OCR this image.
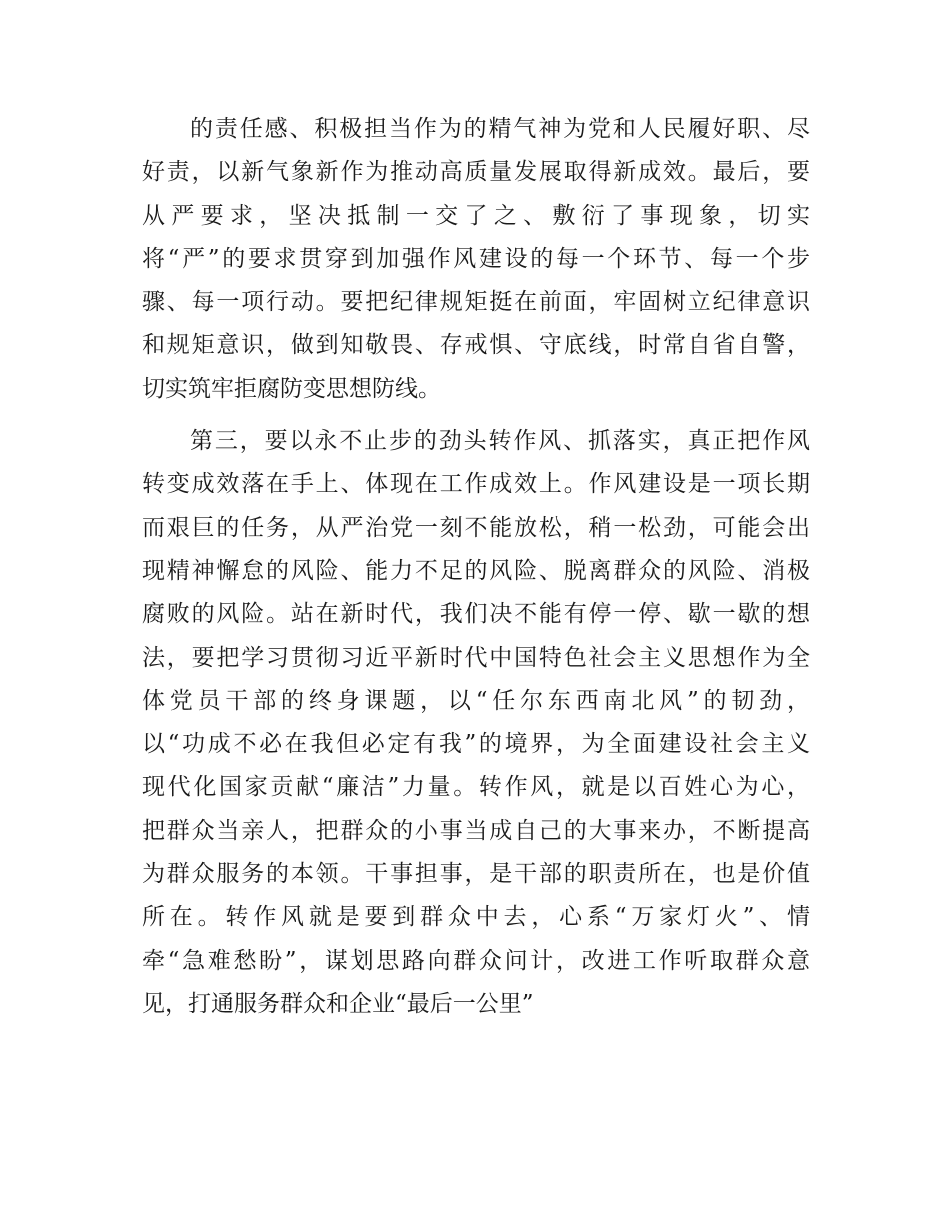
的责任感、积极担当作为的精气神为党和人民履好职、尽
好责，以新气象新作为推动高质量发展取得新成效。最后，要
从严要求，坚决抵制一交了之、敷衍了事现象，切实
将“严”的要求贯穿到加强作风建设的每一个环节、每一个步
骤、每一项行动。要把纪律规矩挺在前面，牢固树立纪律意识
和规矩意识，做到知敬畏、存戒惧、守底线，时常自省自警，
切实筑牢拒腐防变思想防线。
第三，要以永不止步的劲头转作风、抓落实，真正把作风
转变成效落在手上、体现在工作成效上。作风建设是一项长期
而艰巨的任务，从严治党一刻不能放松，稍一松劲，可能会出
现精神懈怠的风险、能力不足的风险、脱离群众的风险、消极
腐败的风险。站在新时代，我们决不能有停一停、歇一歇的想
法，要把学习贯彻习近平新时代中国特色社会主义思想作为全
体党员干部的终身课题，以“任尔东西南北风”的韧劲，
以“功成不必在我但必定有我”的境界，为全面建设社会主义
现代化国家贡献“廉洁”力量。转作风，就是以百姓心为心，
把群众当亲人，把群众的小事当成自己的大事来办，不断提高
为群众服务的本领。干事担事，是干部的职责所在，也是价值
所在。转作风就是要到群众中去，心系“万家灯火”、情
牵“急难愁盼”，谋划思路向群众问计，改进工作听取群众意
见，打通服务群众和企业“最后一公里”
